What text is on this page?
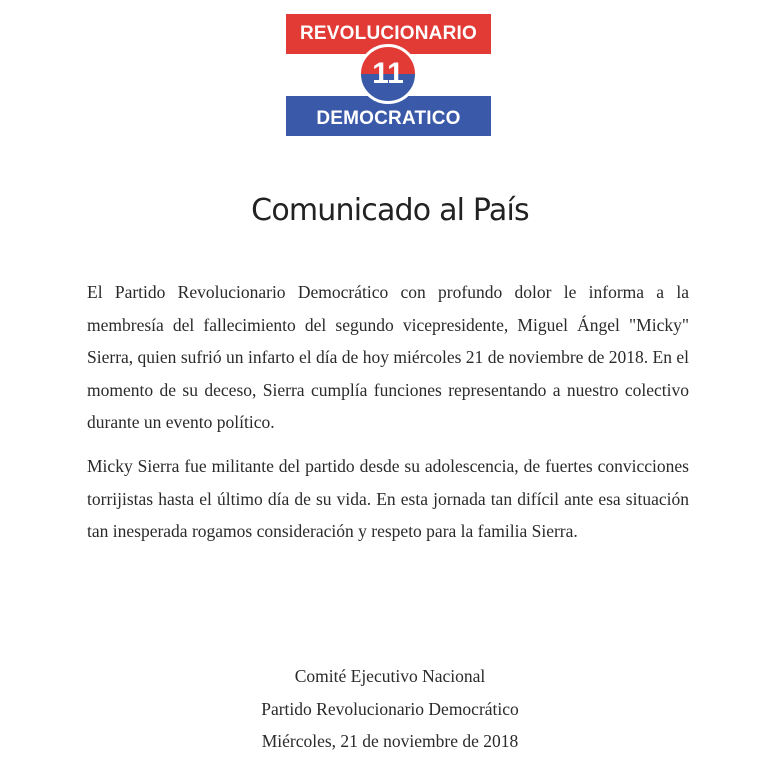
REVOLUCIONARIO
11
DEMOCRATICO
Comunicado al País
El Partido Revolucionario Democrático con profundo dolor le informa a la membresía del fallecimiento del segundo vicepresidente, Miguel Ángel "Micky" Sierra, quien sufrió un infarto el día de hoy miércoles 21 de noviembre de 2018. En el momento de su deceso, Sierra cumplía funciones representando a nuestro colectivo durante un evento político.
Micky Sierra fue militante del partido desde su adolescencia, de fuertes convicciones torrijistas hasta el último día de su vida. En esta jornada tan difícil ante esa situación tan inesperada rogamos consideración y respeto para la familia Sierra.
Comité Ejecutivo Nacional
Partido Revolucionario Democrático
Miércoles, 21 de noviembre de 2018
